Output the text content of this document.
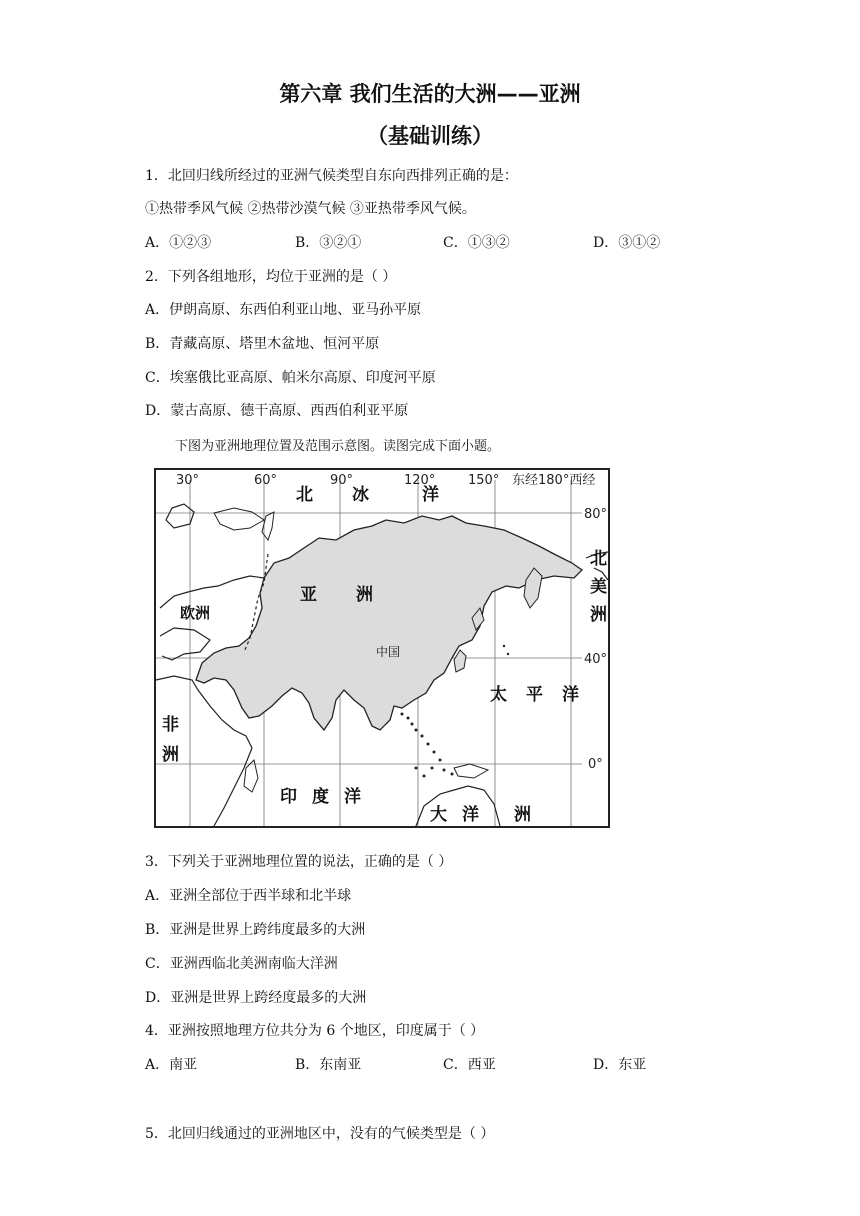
第六章 我们生活的大洲——亚洲
（基础训练）
1．北回归线所经过的亚洲气候类型自东向西排列正确的是：
①热带季风气候 ②热带沙漠气候 ③亚热带季风气候。
A．①②③	B．③②①	C．①③②	D．③①②
2．下列各组地形，均位于亚洲的是（ ）
A．伊朗高原、东西伯利亚山地、亚马孙平原
B．青藏高原、塔里木盆地、恒河平原
C．埃塞俄比亚高原、帕米尔高原、印度河平原
D．蒙古高原、德干高原、西西伯利亚平原
下图为亚洲地理位置及范围示意图。读图完成下面小题。
30°	60°	90°	120°	150° 东经180°西经
80°
40°
0°
北 冰	洋
亚 洲
北
美
洲
太 平 洋
非
洲
印 度 洋
大 洋 洲
欧洲
中国
3．下列关于亚洲地理位置的说法，正确的是（ ）
A．亚洲全部位于西半球和北半球
B．亚洲是世界上跨纬度最多的大洲
C．亚洲西临北美洲南临大洋洲
D．亚洲是世界上跨经度最多的大洲
4．亚洲按照地理方位共分为 6 个地区，印度属于（ ）
A．南亚	B．东南亚	C．西亚	D．东亚
5．北回归线通过的亚洲地区中，没有的气候类型是（ ）
